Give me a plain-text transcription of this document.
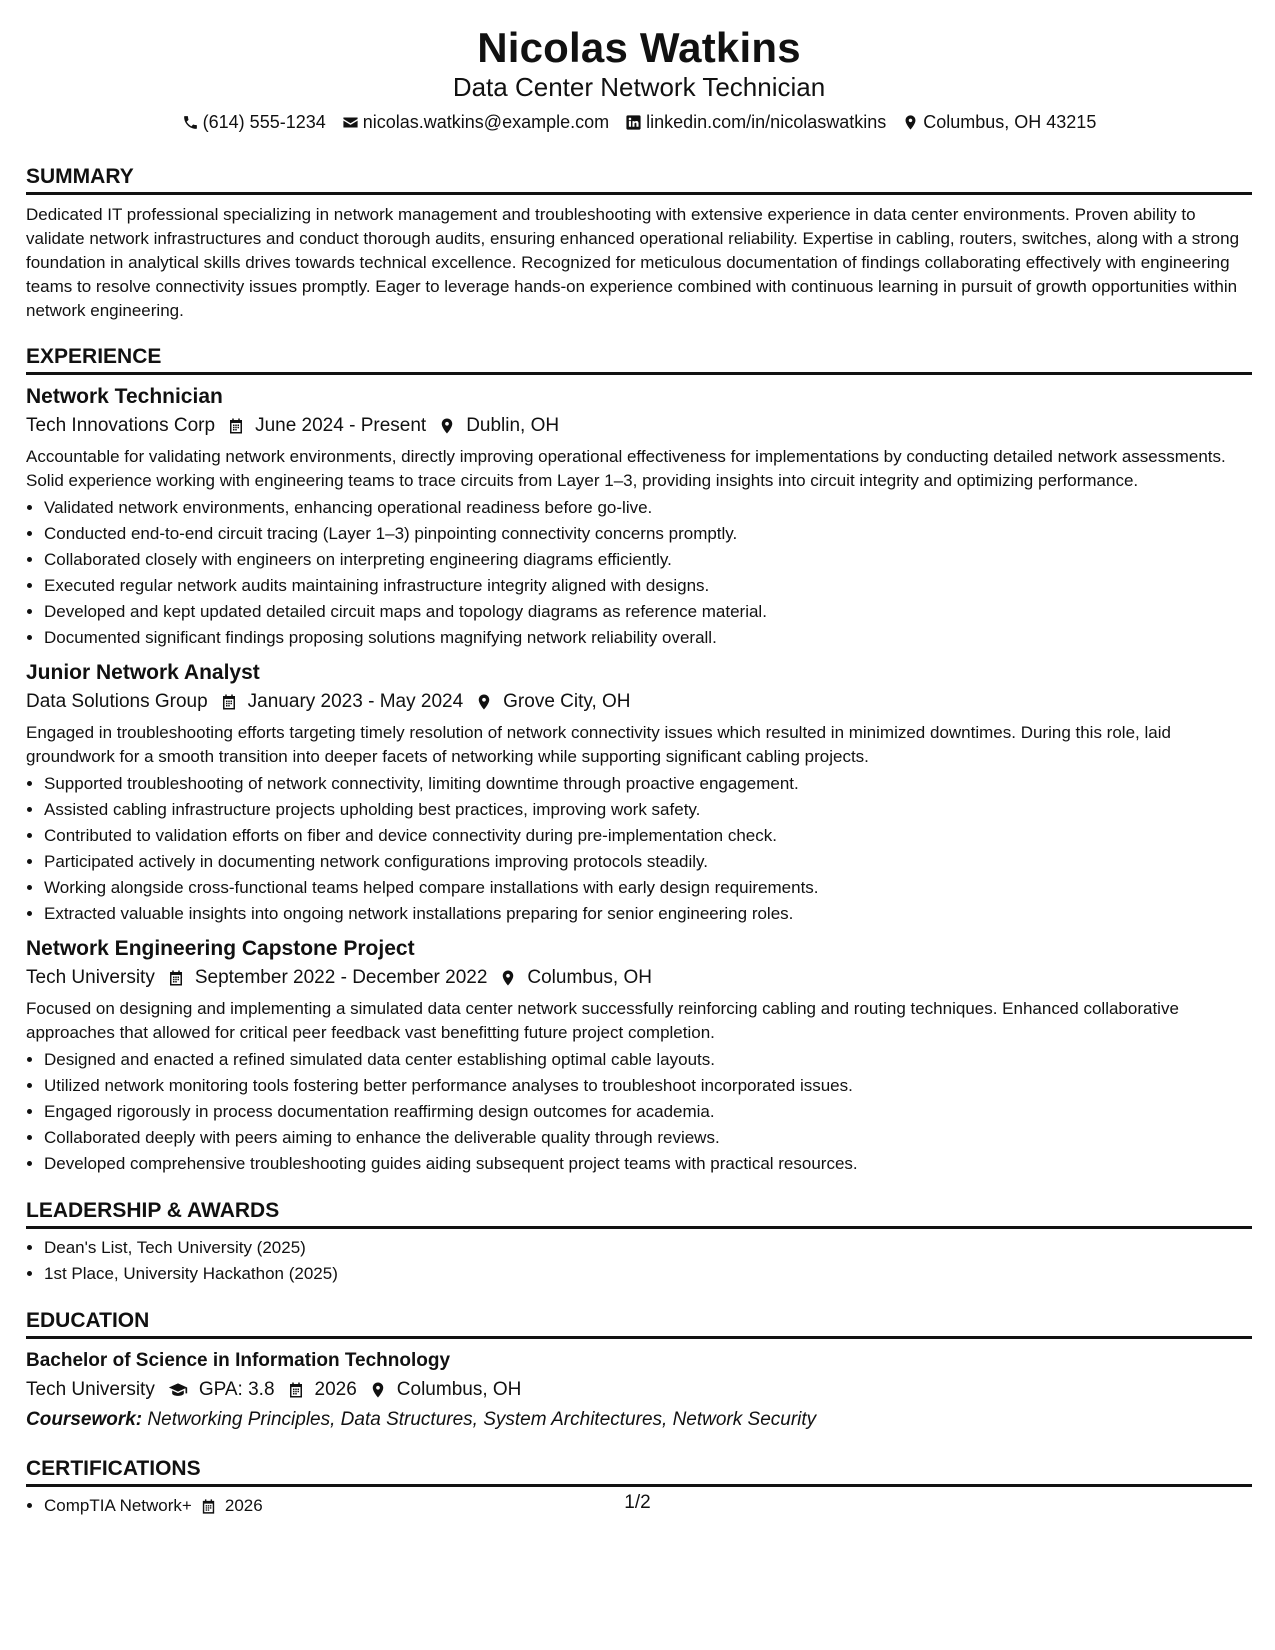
Nicolas Watkins
Data Center Network Technician
(614) 555-1234 nicolas.watkins@example.com linkedin.com/in/nicolaswatkins Columbus, OH 43215
SUMMARY
Dedicated IT professional specializing in network management and troubleshooting with extensive experience in data center environments. Proven ability to validate network infrastructures and conduct thorough audits, ensuring enhanced operational reliability. Expertise in cabling, routers, switches, along with a strong foundation in analytical skills drives towards technical excellence. Recognized for meticulous documentation of findings collaborating effectively with engineering teams to resolve connectivity issues promptly. Eager to leverage hands-on experience combined with continuous learning in pursuit of growth opportunities within network engineering.
EXPERIENCE
Network Technician
Tech Innovations Corp June 2024 - Present Dublin, OH
Accountable for validating network environments, directly improving operational effectiveness for implementations by conducting detailed network assessments. Solid experience working with engineering teams to trace circuits from Layer 1–3, providing insights into circuit integrity and optimizing performance.
• Validated network environments, enhancing operational readiness before go-live.
• Conducted end-to-end circuit tracing (Layer 1–3) pinpointing connectivity concerns promptly.
• Collaborated closely with engineers on interpreting engineering diagrams efficiently.
• Executed regular network audits maintaining infrastructure integrity aligned with designs.
• Developed and kept updated detailed circuit maps and topology diagrams as reference material.
• Documented significant findings proposing solutions magnifying network reliability overall.
Junior Network Analyst
Data Solutions Group January 2023 - May 2024 Grove City, OH
Engaged in troubleshooting efforts targeting timely resolution of network connectivity issues which resulted in minimized downtimes. During this role, laid groundwork for a smooth transition into deeper facets of networking while supporting significant cabling projects.
• Supported troubleshooting of network connectivity, limiting downtime through proactive engagement.
• Assisted cabling infrastructure projects upholding best practices, improving work safety.
• Contributed to validation efforts on fiber and device connectivity during pre-implementation check.
• Participated actively in documenting network configurations improving protocols steadily.
• Working alongside cross-functional teams helped compare installations with early design requirements.
• Extracted valuable insights into ongoing network installations preparing for senior engineering roles.
Network Engineering Capstone Project
Tech University September 2022 - December 2022 Columbus, OH
Focused on designing and implementing a simulated data center network successfully reinforcing cabling and routing techniques. Enhanced collaborative approaches that allowed for critical peer feedback vast benefitting future project completion.
• Designed and enacted a refined simulated data center establishing optimal cable layouts.
• Utilized network monitoring tools fostering better performance analyses to troubleshoot incorporated issues.
• Engaged rigorously in process documentation reaffirming design outcomes for academia.
• Collaborated deeply with peers aiming to enhance the deliverable quality through reviews.
• Developed comprehensive troubleshooting guides aiding subsequent project teams with practical resources.
LEADERSHIP & AWARDS
• Dean's List, Tech University (2025)
• 1st Place, University Hackathon (2025)
EDUCATION
Bachelor of Science in Information Technology
Tech University GPA: 3.8 2026 Columbus, OH
Coursework: Networking Principles, Data Structures, System Architectures, Network Security
CERTIFICATIONS
• CompTIA Network+ 2026	1/2
